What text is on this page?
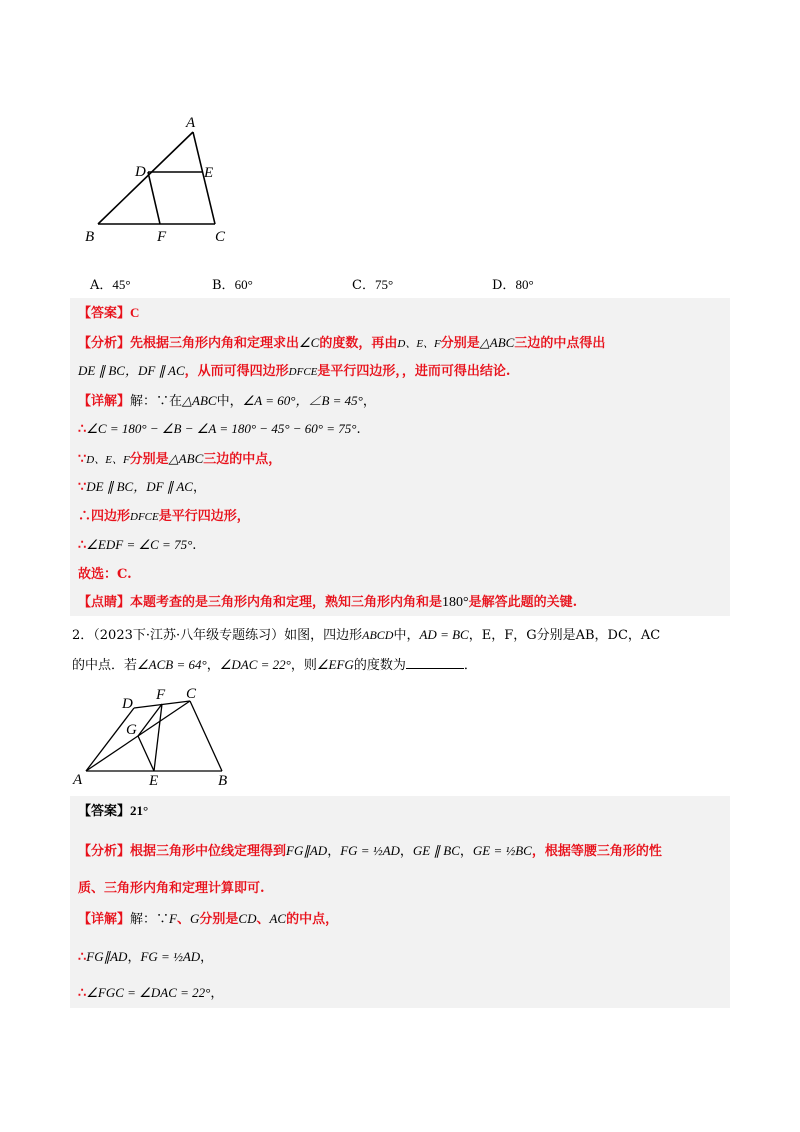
A
D	E
B	F	C
A．45°	B．60°	C．75°	D．80°
【答案】C
【分析】先根据三角形内角和定理求出∠C的度数，再由D、E、F分别是△ABC三边的中点得出
DE ∥ BC，DF ∥ AC，从而可得四边形DFCE是平行四边形，，进而可得出结论.
【详解】解：∵在△ABC中，∠A = 60°，∠B = 45°，
∴∠C = 180° − ∠B − ∠A = 180° − 45° − 60° = 75°.
∵D、E、F分别是△ABC三边的中点，
∵DE ∥ BC，DF ∥ AC，
∴四边形DFCE是平行四边形，
∴∠EDF = ∠C = 75°.
故选：C.
【点睛】本题考查的是三角形内角和定理，熟知三角形内角和是180°是解答此题的关键.
2．（2023下·江苏·八年级专题练习）如图，四边形ABCD中，AD = BC，E，F，G分别是AB，DC，AC
的中点．若∠ACB = 64°，∠DAC = 22°，则∠EFG的度数为	．
A	B
C
D
E
F
G
【答案】21°
【分析】根据三角形中位线定理得到FG∥AD，FG = ½AD，GE ∥ BC，GE = ½BC，根据等腰三角形的性
质、三角形内角和定理计算即可.
【详解】解：∵F、G分别是CD、AC的中点，
∴FG∥AD，FG = ½AD，
∴∠FGC = ∠DAC = 22°，
